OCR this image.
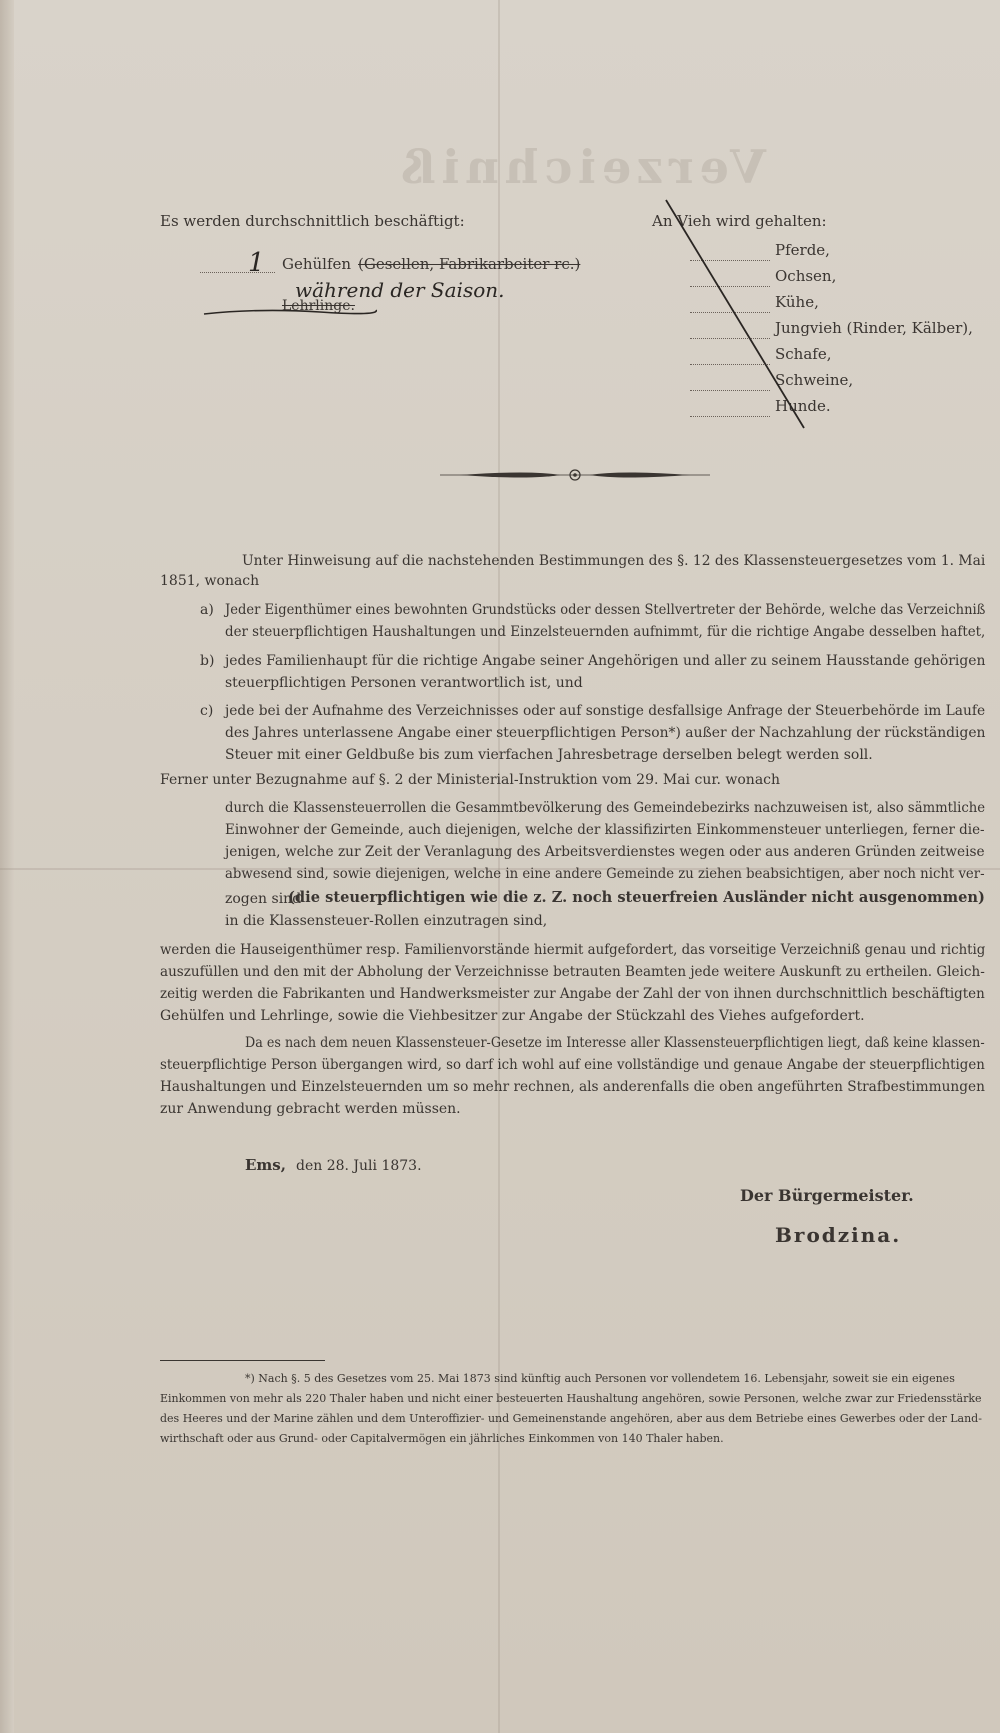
Verzeichniß
Es werden durchschnittlich beschäftigt:
1 Gehülfen (Gesellen, Fabrikarbeiter rc.)
während der Saison.
Lehrlinge.
An Vieh wird gehalten:
Pferde,
Ochsen,
Kühe,
Jungvieh (Rinder, Kälber),
Schafe,
Schweine,
Hunde.
Unter Hinweisung auf die nachstehenden Bestimmungen des §. 12 des Klassensteuergesetzes vom 1. Mai
1851, wonach
a) Jeder Eigenthümer eines bewohnten Grundstücks oder dessen Stellvertreter der Behörde, welche das Verzeichniß
der steuerpflichtigen Haushaltungen und Einzelsteuernden aufnimmt, für die richtige Angabe desselben haftet,
b) jedes Familienhaupt für die richtige Angabe seiner Angehörigen und aller zu seinem Hausstande gehörigen
steuerpflichtigen Personen verantwortlich ist, und
c) jede bei der Aufnahme des Verzeichnisses oder auf sonstige desfallsige Anfrage der Steuerbehörde im Laufe
des Jahres unterlassene Angabe einer steuerpflichtigen Person*) außer der Nachzahlung der rückständigen
Steuer mit einer Geldbuße bis zum vierfachen Jahresbetrage derselben belegt werden soll.
Ferner unter Bezugnahme auf §. 2 der Ministerial-Instruktion vom 29. Mai cur. wonach
durch die Klassensteuerrollen die Gesammtbevölkerung des Gemeindebezirks nachzuweisen ist, also sämmtliche
Einwohner der Gemeinde, auch diejenigen, welche der klassifizirten Einkommensteuer unterliegen, ferner die-
jenigen, welche zur Zeit der Veranlagung des Arbeitsverdienstes wegen oder aus anderen Gründen zeitweise
abwesend sind, sowie diejenigen, welche in eine andere Gemeinde zu ziehen beabsichtigen, aber noch nicht ver-
zogen sind
(die steuerpflichtigen wie die z. Z. noch steuerfreien Ausländer nicht ausgenommen)
in die Klassensteuer-Rollen einzutragen sind,
werden die Hauseigenthümer resp. Familienvorstände hiermit aufgefordert, das vorseitige Verzeichniß genau und richtig
auszufüllen und den mit der Abholung der Verzeichnisse betrauten Beamten jede weitere Auskunft zu ertheilen. Gleich-
zeitig werden die Fabrikanten und Handwerksmeister zur Angabe der Zahl der von ihnen durchschnittlich beschäftigten
Gehülfen und Lehrlinge, sowie die Viehbesitzer zur Angabe der Stückzahl des Viehes aufgefordert.
Da es nach dem neuen Klassensteuer-Gesetze im Interesse aller Klassensteuerpflichtigen liegt, daß keine klassen-
steuerpflichtige Person übergangen wird, so darf ich wohl auf eine vollständige und genaue Angabe der steuerpflichtigen
Haushaltungen und Einzelsteuernden um so mehr rechnen, als anderenfalls die oben angeführten Strafbestimmungen
zur Anwendung gebracht werden müssen.
Ems, den 28. Juli 1873.
Der Bürgermeister.
Brodzina.
*) Nach §. 5 des Gesetzes vom 25. Mai 1873 sind künftig auch Personen vor vollendetem 16. Lebensjahr, soweit sie ein eigenes
Einkommen von mehr als 220 Thaler haben und nicht einer besteuerten Haushaltung angehören, sowie Personen, welche zwar zur Friedensstärke
des Heeres und der Marine zählen und dem Unteroffizier- und Gemeinenstande angehören, aber aus dem Betriebe eines Gewerbes oder der Land-
wirthschaft oder aus Grund- oder Capitalvermögen ein jährliches Einkommen von 140 Thaler haben.
